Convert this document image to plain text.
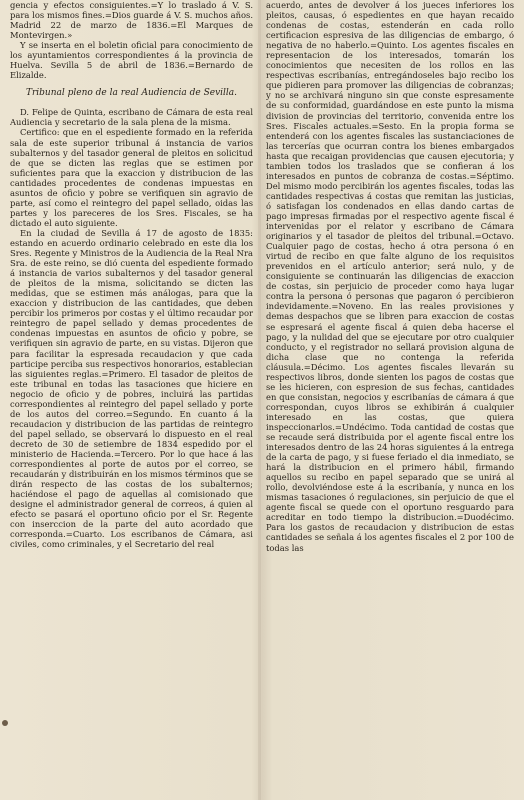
gencia y efectos consiguientes.=Y lo traslado á V. S. para los mismos fines.=Dios guarde á V. S. muchos años. Madrid 22 de marzo de 1836.=El Marques de Montevirgen.»

Y se inserta en el boletin oficial para conocimiento de los ayuntamientos correspondientes á la provincia de Huelva. Sevilla 5 de abril de 1836.=Bernardo de Elizalde.

Tribunal pleno de la real Audiencia de Sevilla.

D. Felipe de Quinta, escribano de Cámara de esta real Audiencia y secretario de la sala plena de la misma.

Certifico: que en el espediente formado en la referida sala de este superior tribunal á instancia de varios subalternos y del tasador general de pleitos en solicitud de que se dicten las reglas que se estimen por suficientes para que la exaccion y distribucion de las cantidades procedentes de condenas impuestas en asuntos de oficio y pobre se verifiquen sin agravio de parte, así como el reintegro del papel sellado, oidas las partes y los pareceres de los Sres. Fiscales, se ha dictado el auto siguiente.

En la ciudad de Sevilla á 17 de agosto de 1835: estando en acuerdo ordinario celebrado en este dia los Sres. Regente y Ministros de la Audiencia de la Real Nra Sra. de este reino, se dió cuenta del espediente formado á instancia de varios subalternos y del tasador general de pleitos de la misma, solicitando se dicten las medidas, que se estimen más análogas, para que la exaccion y distribucion de las cantidades, que deben percibir los primeros por costas y el último recaudar por reintegro de papel sellado y demas procedentes de condenas impuestas en asuntos de oficio y pobre, se verifiquen sin agravio de parte, en su vistas. Dijeron que para facilitar la espresada recaudacion y que cada participe perciba sus respectivos honorarios, establecian las siguientes reglas.=Primero. El tasador de pleitos de este tribunal en todas las tasaciones que hiciere en negocio de oficio y de pobres, incluirá las partidas correspondientes al reintegro del papel sellado y porte de los autos del correo.=Segundo. En cuanto á la recaudacion y distribucion de las partidas de reintegro del papel sellado, se observará lo dispuesto en el real decreto de 30 de setiembre de 1834 espedido por el ministerio de Hacienda.=Tercero. Por lo que hace á las correspondientes al porte de autos por el correo, se recaudarán y distribuirán en los mismos términos que se dirán respecto de las costas de los subalternos; haciéndose el pago de aquellas al comisionado que designe el administrador general de correos, á quien al efecto se pasará el oportuno oficio por el Sr. Regente con inserccion de la parte del auto acordado que corresponda.=Cuarto. Los escribanos de Cámara, asi civiles, como criminales, y el Secretario del real

acuerdo, antes de devolver á los jueces inferiores los pleitos, causas, ó espedientes en que hayan recaido condenas de costas, estenderán en cada rollo certificacion espresiva de las diligencias de embargo, ó negativa de no haberlo.=Quinto. Los agentes fiscales en representacion de los interesados, tomarán los conocimientos que necesiten de los rollos en las respectivas escribanías, entregándoseles bajo recibo los que pidieren para promover las diligencias de cobranzas; y no se archivará ninguno sin que conste espresamente de su conformidad, guardándose en este punto la misma division de provincias del territorio, convenida entre los Sres. Fiscales actuales.=Sesto. En la propia forma se entenderá con los agentes fiscales las sustanciaciones de las tercerías que ocurran contra los bienes embargados hasta que recaigan providencias que causen ejecutoria; y tambien todos los traslados que se confieran á los interesados en puntos de cobranza de costas.=Séptimo. Del mismo modo percibirán los agentes fiscales, todas las cantidades respectivas á costas que remitan las justicias, ó satisfagan los condenados en ellas dando cartas de pago impresas firmadas por el respectivo agente fiscal é intervenidas por el relator y escribano de Cámara originarios y el tasador de pleitos del tribunal.=Octavo. Cualquier pago de costas, hecho á otra persona ó en virtud de recibo en que falte alguno de los requisitos prevenidos en el artículo anterior; será nulo, y de consiguiente se continuarán las diligencias de exaccion de costas, sin perjuicio de proceder como haya lugar contra la persona ó personas que pagaron ó percibieron indevidamente.=Noveno. En las reales provisiones y demas despachos que se libren para exaccion de costas se espresará el agente fiscal á quien deba hacerse el pago, y la nulidad del que se ejecutare por otro cualquier conducto, y el registrador no sellará provision alguna de dicha clase que no contenga la referida cláusula.=Décimo. Los agentes fiscales llevarán su respectivos libros, donde sienten los pagos de costas que se les hicieren, con espresion de sus fechas, cantidades en que consistan, negocios y escribanías de cámara á que correspondan, cuyos libros se exhibirán á cualquier interesado en las costas, que quiera inspeccionarlos.=Undécimo. Toda cantidad de costas que se recaude será distribuida por el agente fiscal entre los interesados dentro de las 24 horas siguientes á la entrega de la carta de pago, y si fuese feriado el dia inmediato, se hará la distribucion en el primero hábil, firmando aquellos su recibo en papel separado que se unirá al rollo, devolviéndose este á la escribanía, y nunca en los mismas tasaciones ó regulaciones, sin perjuicio de que el agente fiscal se quede con el oportuno resguardo para acreditar en todo tiempo la distribucion.=Duodécimo. Para los gastos de recaudacion y distribucion de estas cantidades se señala á los agentes fiscales el 2 por 100 de todas las
